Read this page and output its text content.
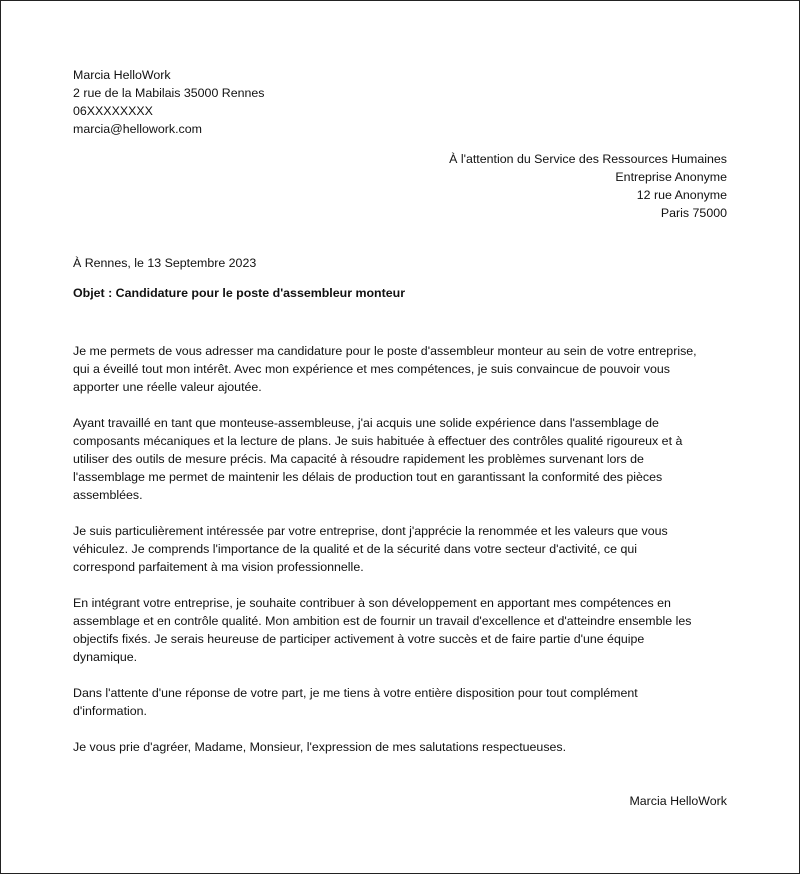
Marcia HelloWork
2 rue de la Mabilais 35000 Rennes
06XXXXXXXX
marcia@hellowork.com
À l'attention du Service des Ressources Humaines
Entreprise Anonyme
12 rue Anonyme
Paris 75000
À Rennes, le 13 Septembre 2023
Objet : Candidature pour le poste d'assembleur monteur
Je me permets de vous adresser ma candidature pour le poste d'assembleur monteur au sein de votre entreprise,
qui a éveillé tout mon intérêt. Avec mon expérience et mes compétences, je suis convaincue de pouvoir vous
apporter une réelle valeur ajoutée.
Ayant travaillé en tant que monteuse-assembleuse, j'ai acquis une solide expérience dans l'assemblage de
composants mécaniques et la lecture de plans. Je suis habituée à effectuer des contrôles qualité rigoureux et à
utiliser des outils de mesure précis. Ma capacité à résoudre rapidement les problèmes survenant lors de
l'assemblage me permet de maintenir les délais de production tout en garantissant la conformité des pièces
assemblées.
Je suis particulièrement intéressée par votre entreprise, dont j'apprécie la renommée et les valeurs que vous
véhiculez. Je comprends l'importance de la qualité et de la sécurité dans votre secteur d'activité, ce qui
correspond parfaitement à ma vision professionnelle.
En intégrant votre entreprise, je souhaite contribuer à son développement en apportant mes compétences en
assemblage et en contrôle qualité. Mon ambition est de fournir un travail d'excellence et d'atteindre ensemble les
objectifs fixés. Je serais heureuse de participer activement à votre succès et de faire partie d'une équipe
dynamique.
Dans l'attente d'une réponse de votre part, je me tiens à votre entière disposition pour tout complément
d'information.
Je vous prie d'agréer, Madame, Monsieur, l'expression de mes salutations respectueuses.
Marcia HelloWork
